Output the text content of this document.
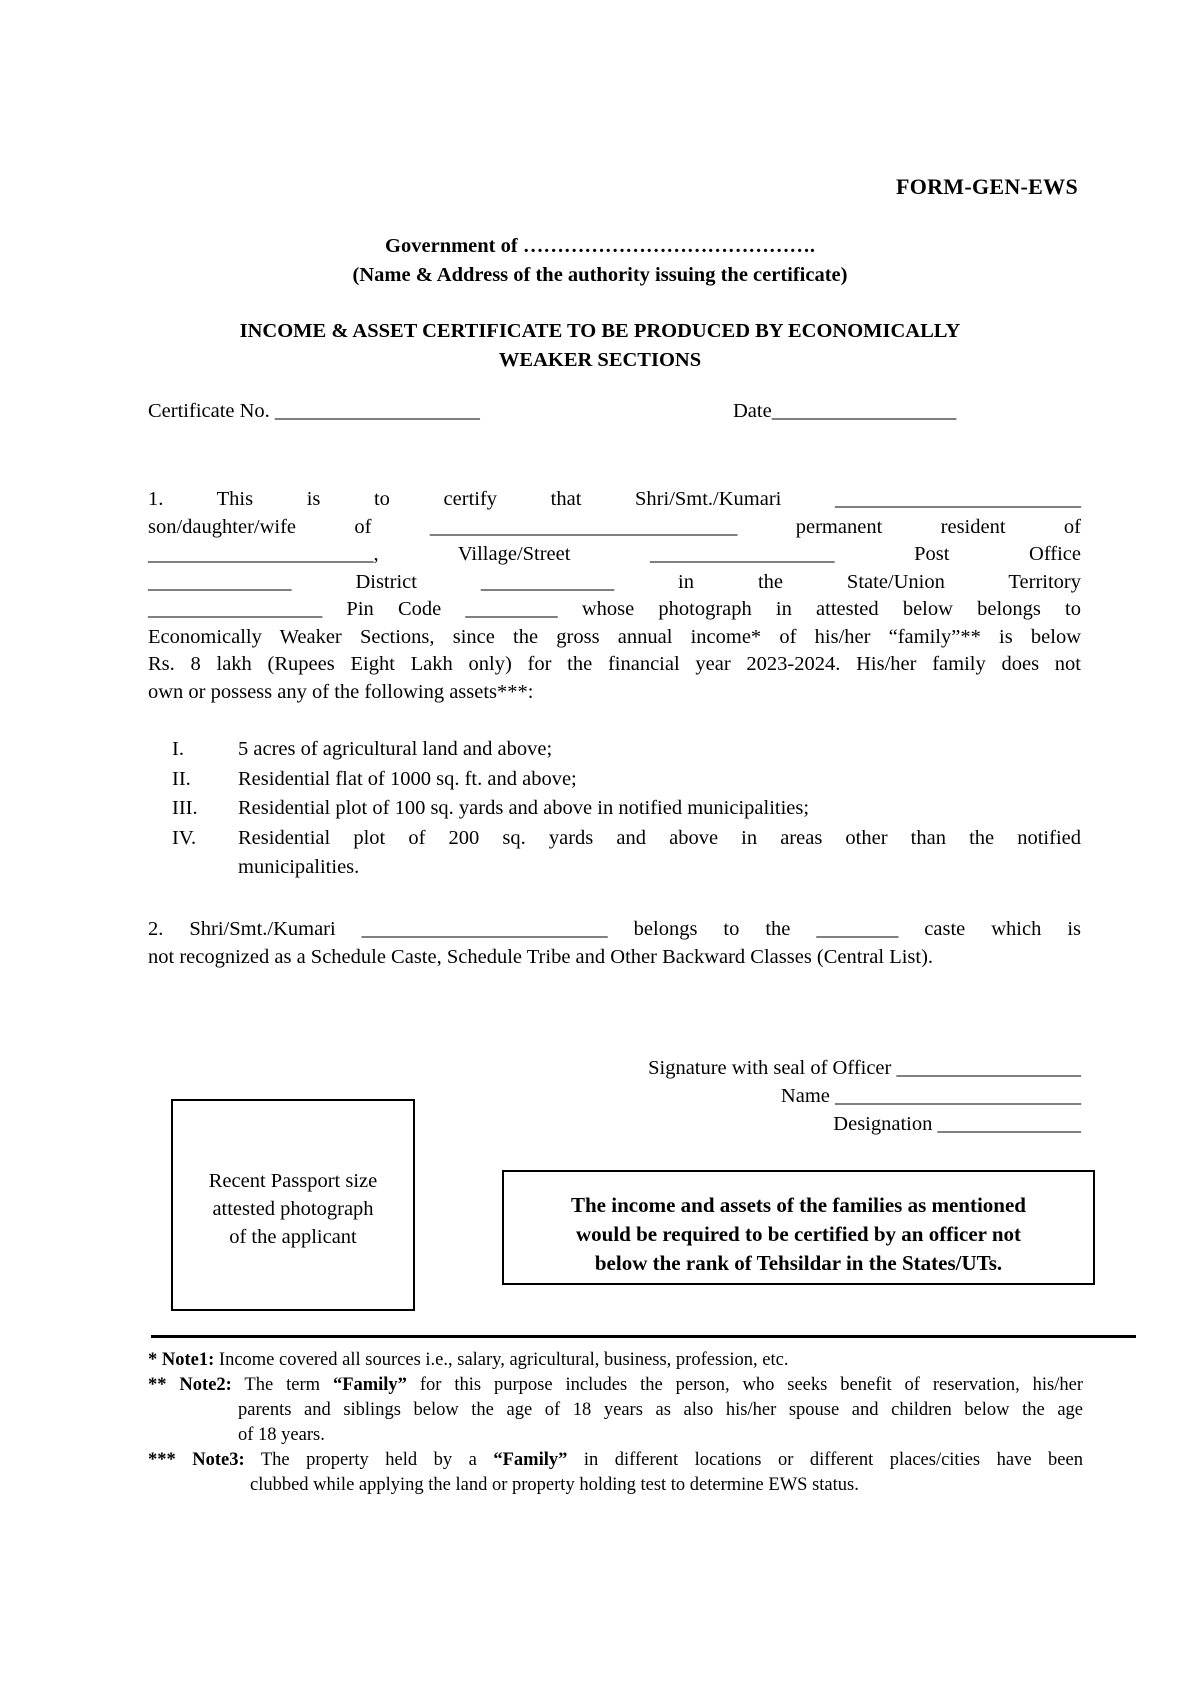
FORM-GEN-EWS
Government of …………………………………….
(Name & Address of the authority issuing the certificate)
INCOME & ASSET CERTIFICATE TO BE PRODUCED BY ECONOMICALLY
WEAKER SECTIONS
Certificate No. ____________________	Date__________________
1. This is to certify that Shri/Smt./Kumari ________________________
son/daughter/wife of ______________________________ permanent resident of
______________________, Village/Street __________________ Post Office
______________ District _____________ in the State/Union Territory
_________________ Pin Code _________ whose photograph in attested below belongs to
Economically Weaker Sections, since the gross annual income* of his/her “family”** is below
Rs. 8 lakh (Rupees Eight Lakh only) for the financial year 2023-2024. His/her family does not
own or possess any of the following assets***:
I.	5 acres of agricultural land and above;
II.	Residential flat of 1000 sq. ft. and above;
III.	Residential plot of 100 sq. yards and above in notified municipalities;
IV.	Residential plot of 200 sq. yards and above in areas other than the notified
municipalities.
2. Shri/Smt./Kumari ________________________ belongs to the ________ caste which is
not recognized as a Schedule Caste, Schedule Tribe and Other Backward Classes (Central List).
Signature with seal of Officer __________________
Name ________________________
Designation ______________
Recent Passport size
attested photograph
of the applicant
The income and assets of the families as mentioned
would be required to be certified by an officer not
below the rank of Tehsildar in the States/UTs.
* Note1: Income covered all sources i.e., salary, agricultural, business, profession, etc.
** Note2: The term “Family” for this purpose includes the person, who seeks benefit of reservation, his/her
parents and siblings below the age of 18 years as also his/her spouse and children below the age
of 18 years.
*** Note3: The property held by a “Family” in different locations or different places/cities have been
clubbed while applying the land or property holding test to determine EWS status.
